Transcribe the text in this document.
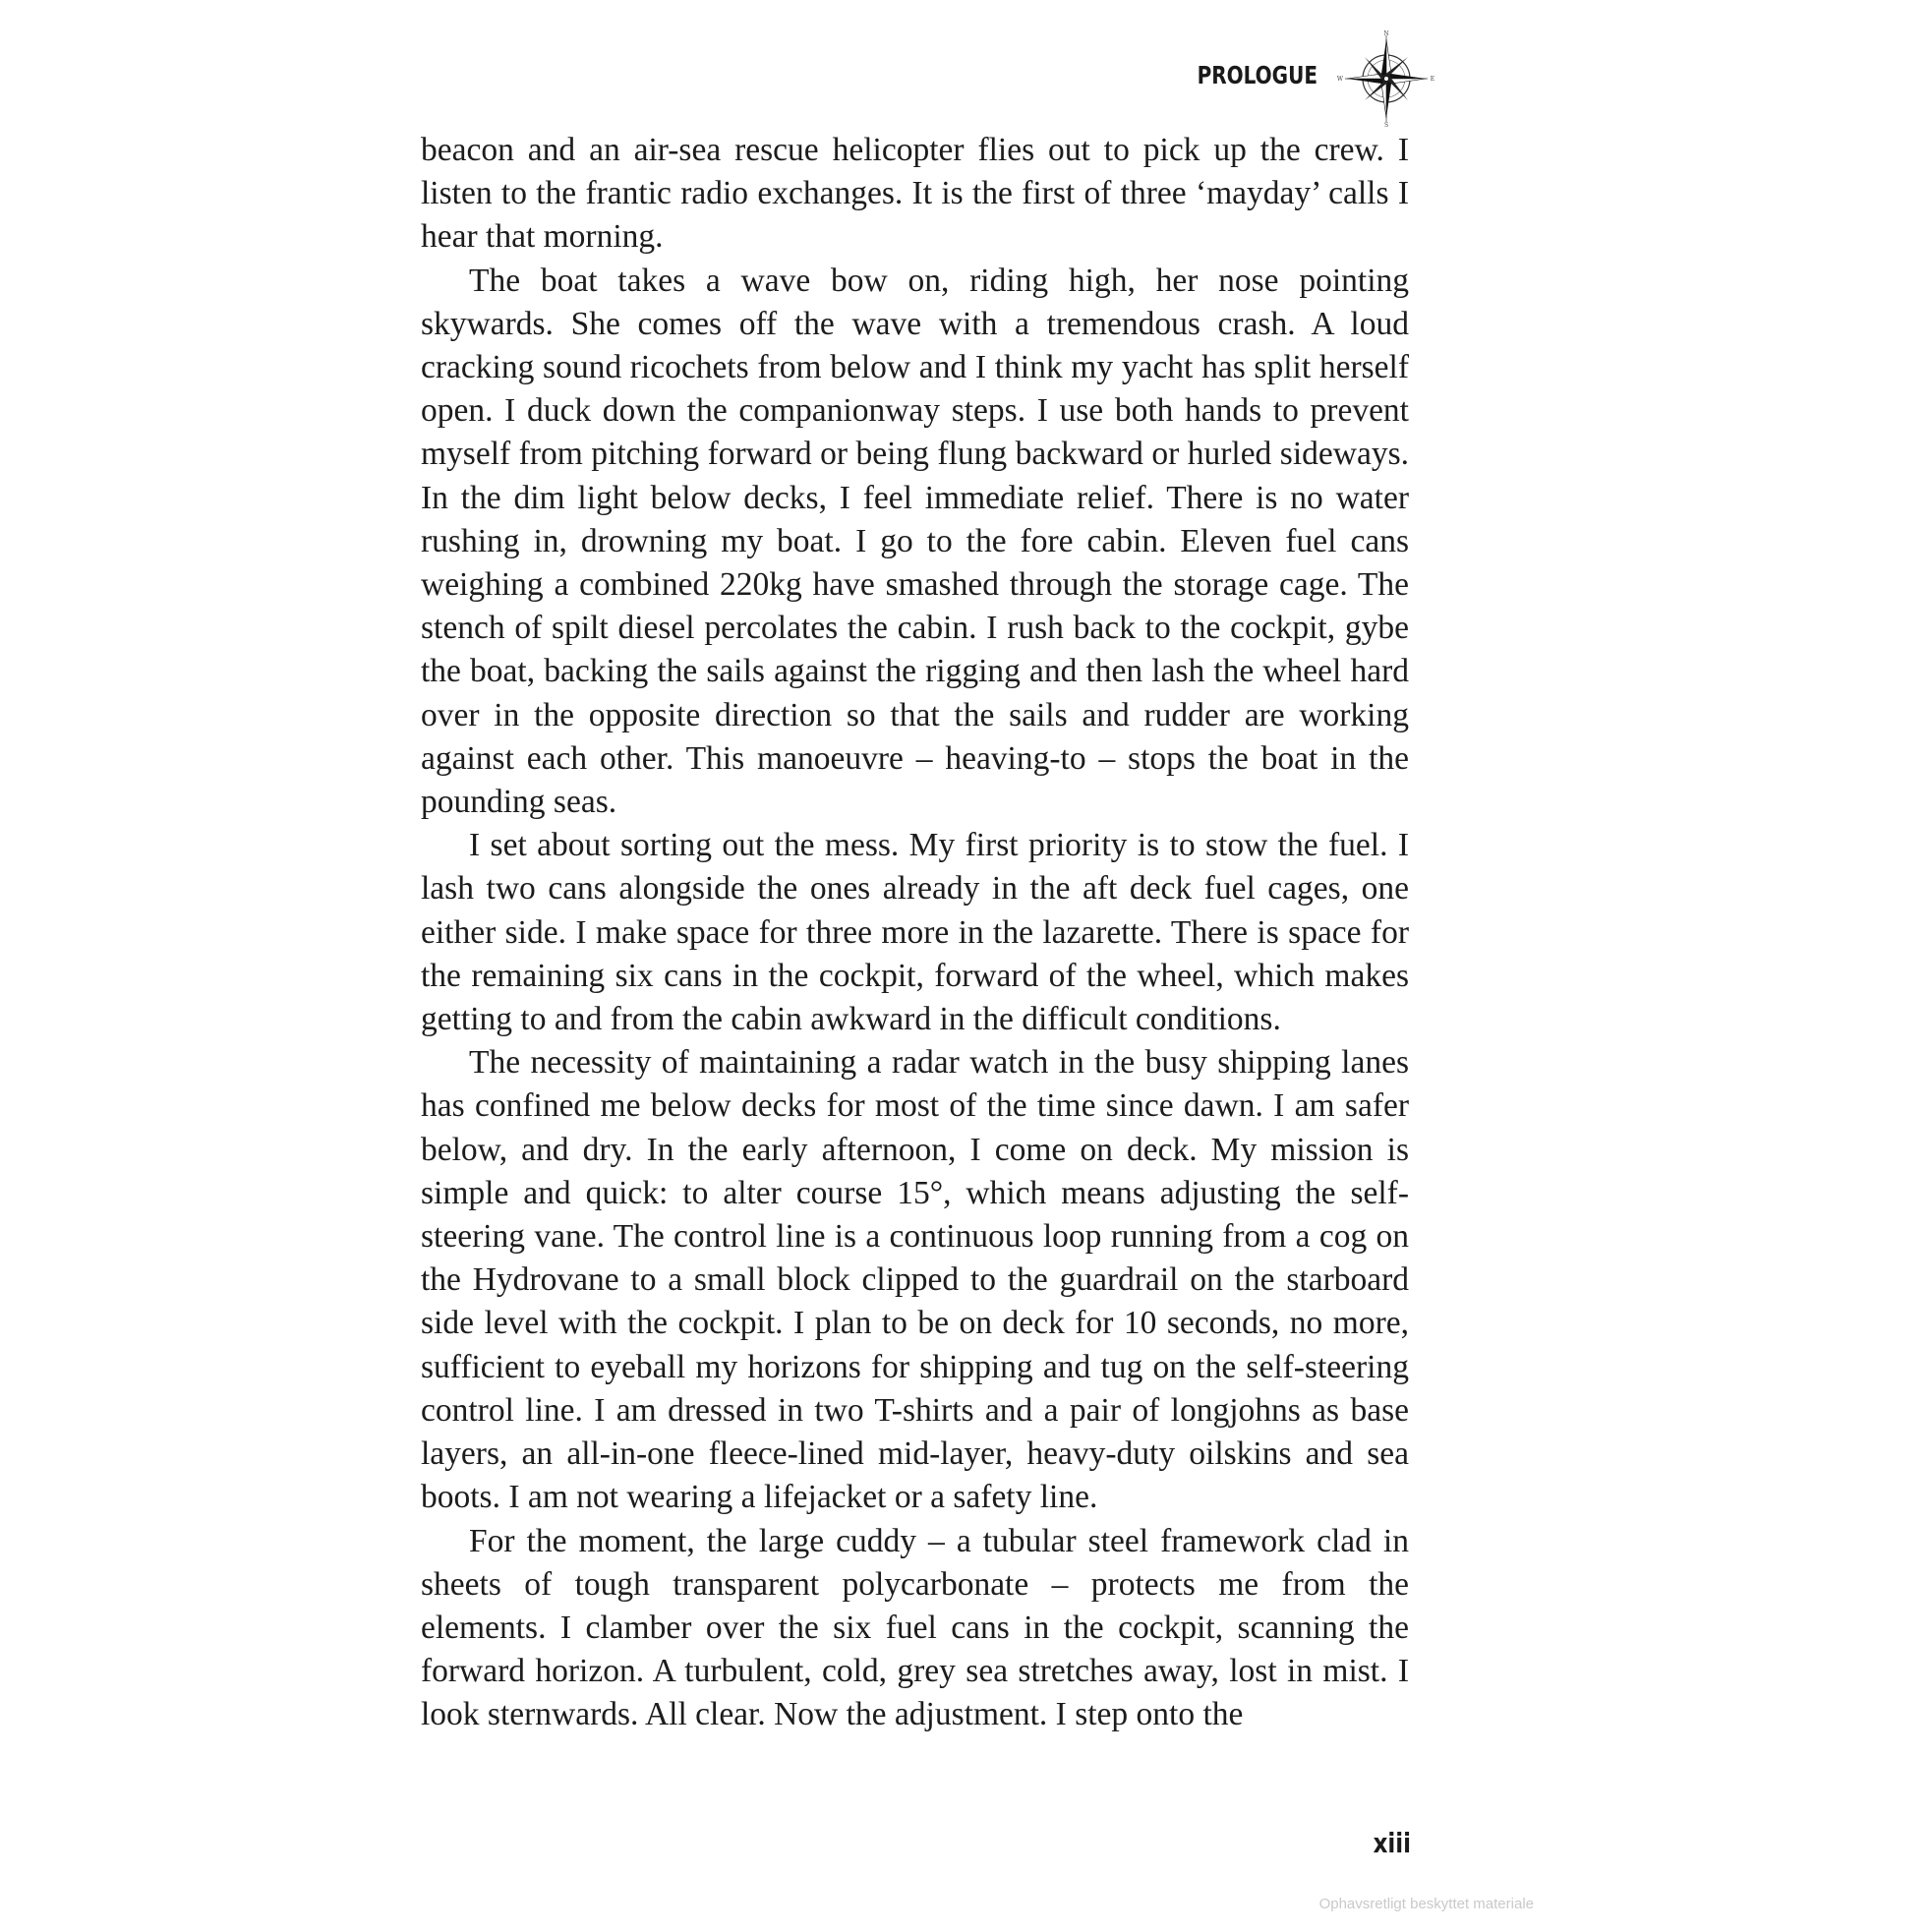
PROLOGUE
N
E
S
W

beacon and an air-sea rescue helicopter flies out to pick up the crew. I listen to the frantic radio exchanges. It is the first of three ‘mayday’ calls I hear that morning.

The boat takes a wave bow on, riding high, her nose pointing skywards. She comes off the wave with a tremendous crash. A loud cracking sound ricochets from below and I think my yacht has split herself open. I duck down the companionway steps. I use both hands to prevent myself from pitching forward or being flung backward or hurled sideways. In the dim light below decks, I feel immediate relief. There is no water rushing in, drowning my boat. I go to the fore cabin. Eleven fuel cans weighing a combined 220kg have smashed through the storage cage. The stench of spilt diesel percolates the cabin. I rush back to the cockpit, gybe the boat, backing the sails against the rigging and then lash the wheel hard over in the opposite direction so that the sails and rudder are working against each other. This manoeuvre – heaving-to – stops the boat in the pounding seas.

I set about sorting out the mess. My first priority is to stow the fuel. I lash two cans alongside the ones already in the aft deck fuel cages, one either side. I make space for three more in the lazarette. There is space for the remaining six cans in the cockpit, forward of the wheel, which makes getting to and from the cabin awkward in the difficult conditions.

The necessity of maintaining a radar watch in the busy shipping lanes has confined me below decks for most of the time since dawn. I am safer below, and dry. In the early afternoon, I come on deck. My mission is simple and quick: to alter course 15°, which means adjusting the self-steering vane. The control line is a continuous loop running from a cog on the Hydrovane to a small block clipped to the guardrail on the starboard side level with the cockpit. I plan to be on deck for 10 seconds, no more, sufficient to eyeball my horizons for shipping and tug on the self-steering control line. I am dressed in two T-shirts and a pair of longjohns as base layers, an all-in-one fleece-lined mid-layer, heavy-duty oilskins and sea boots. I am not wearing a lifejacket or a safety line.

For the moment, the large cuddy – a tubular steel framework clad in sheets of tough transparent polycarbonate – protects me from the elements. I clamber over the six fuel cans in the cockpit, scanning the forward horizon. A turbulent, cold, grey sea stretches away, lost in mist. I look sternwards. All clear. Now the adjustment. I step onto the

xiii
Ophavsretligt beskyttet materiale
